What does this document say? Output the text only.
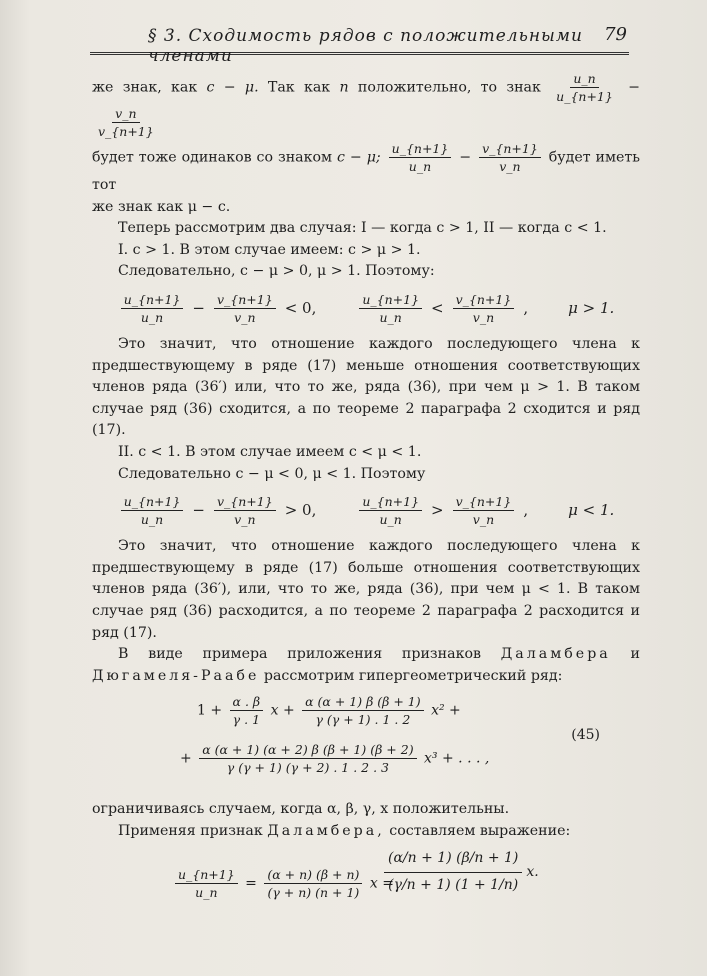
§ 3. Сходимость рядов с положительными членами
79

же знак, как c − μ. Так как n положительно, то знак $\frac{u\_n}{u\_\{n+1\}}$ −
$\frac{v\_n}{v\_\{n+1\}}$

будет тоже одинаков со знаком c − μ; $\frac{u\_\{n+1\}}{u\_n} - \frac{v\_\{n+1\}}{v\_n}$ будет иметь тот

же знак как μ − c.

Теперь рассмотрим два случая: I — когда c > 1, II — когда c < 1.

I. c > 1. В этом случае имеем: c > μ > 1.

Следовательно, c − μ > 0, μ > 1. Поэтому:

$\frac{u\_\{n+1\}}{u\_n} - \frac{v\_\{n+1\}}{v\_n} < 0$,	$\frac{u\_\{n+1\}}{u\_n} < \frac{v\_\{n+1\}}{v\_n}$ ,	μ > 1.

Это значит, что отношение каждого последующего члена к предшествующему в ряде (17) меньше отношения соответствующих членов ряда (36′) или, что то же, ряда (36), при чем μ > 1. В таком случае ряд (36) сходится, а по теореме 2 параграфа 2 сходится и ряд (17).

II. c < 1. В этом случае имеем c < μ < 1.

Следовательно c − μ < 0, μ < 1. Поэтому

$\frac{u\_\{n+1\}}{u\_n} - \frac{v\_\{n+1\}}{v\_n} > 0$,	$\frac{u\_\{n+1\}}{u\_n} > \frac{v\_\{n+1\}}{v\_n}$ ,	μ < 1.

Это значит, что отношение каждого последующего члена к предшествующему в ряде (17) больше отношения соответствующих членов ряда (36′), или, что то же, ряда (36), при чем μ < 1. В таком случае ряд (36) расходится, а по теореме 2 параграфа 2 расходится и ряд (17).

В виде примера приложения признаков Даламбера и Дюгамеля-Раабе рассмотрим гипергеометрический ряд:

$1 + \frac{\alpha . \beta}{\gamma . 1}$ $x + \frac{\alpha (\alpha + 1) \beta (\beta + 1)}{\gamma (\gamma + 1) . 1 . 2} x^2$ +
+ $\frac{\alpha (\alpha + 1) (\alpha + 2) \beta (\beta + 1) (\beta + 2)}{\gamma (\gamma + 1) (\gamma + 2) . 1 . 2 . 3} x^3$ + . . . ,
(45)

ограничиваясь случаем, когда α, β, γ, x положительны.

Применяя признак Даламбера, составляем выражение:

$\frac{u\_\{n+1\}}{u\_n} = \frac{(\alpha + n) (\beta + n)}{(\gamma + n) (n + 1)}$ x =
(α/n + 1)
(β/n + 1)
(γ/n + 1)
(1 + 1/n)
x.
